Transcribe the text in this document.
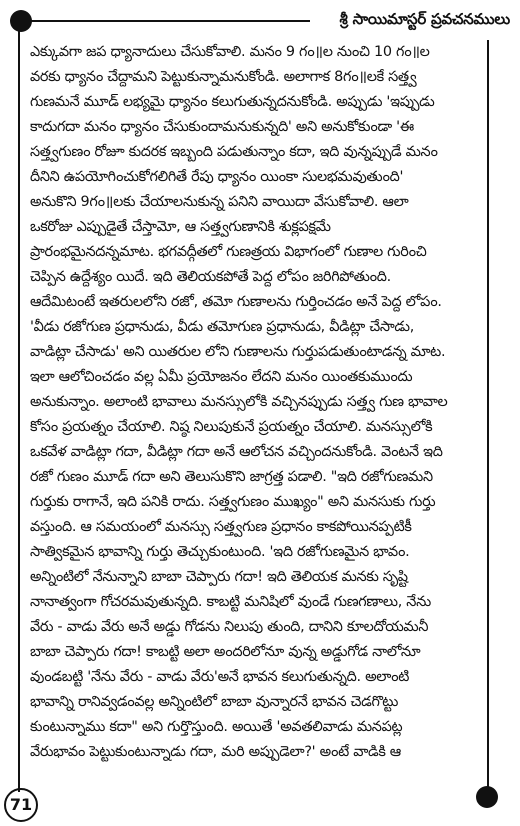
శ్రీ సాయిమాస్టర్ ప్రవచనములు
ఎక్కువగా జప ధ్యానాదులు చేసుకోవాలి. మనం 9 గం॥ల నుంచి 10 గం॥ల
వరకు ధ్యానం చేద్దామని పెట్టుకున్నామనుకోండి. అలాగాక 8గం॥లకే సత్త్వ
గుణమనే మూడ్ లభ్యమై ధ్యానం కలుగుతున్నదనుకోండి. అప్పుడు 'ఇప్పుడు
కాదుగదా మనం ధ్యానం చేసుకుందామనుకున్నది' అని అనుకోకుండా 'ఈ
సత్త్వగుణం రోజూ కుదరక ఇబ్బంది పడుతున్నాం కదా, ఇది వున్నప్పుడే మనం
దీనిని ఉపయోగించుకోగలిగితే రేపు ధ్యానం యింకా సులభమవుతుంది'
అనుకొని 9గం॥లకు చేయాలనుకున్న పనిని వాయిదా వేసుకోవాలి. ఆలా
ఒకరోజు ఎప్పుడైతే చేస్తామో, ఆ సత్త్వగుణానికి శుక్లపక్షమే
ప్రారంభమైనదన్నమాట. భగవద్గీతలో గుణత్రయ విభాగంలో గుణాల గురించి
చెప్పిన ఉద్దేశ్యం యిదే. ఇది తెలియకపోతే పెద్ద లోపం జరిగిపోతుంది.
ఆదేమిటంటే ఇతరులలోని రజో, తమో గుణాలను గుర్తించడం అనే పెద్ద లోపం.
'వీడు రజోగుణ ప్రధానుడు, వీడు తమోగుణ ప్రధానుడు, వీడిట్లా చేసాడు,
వాడిట్లా చేసాడు' అని యితరుల లోని గుణాలను గుర్తుపడుతుంటాడన్న మాట.
ఇలా ఆలోచించడం వల్ల ఏమీ ప్రయోజనం లేదని మనం యింతకుముందు
అనుకున్నాం. అలాంటి భావాలు మనస్సులోకి వచ్చినప్పుడు సత్త్వ గుణ భావాల
కోసం ప్రయత్నం చేయాలి. నిష్ఠ నిలుపుకునే ప్రయత్నం చేయాలి. మనస్సులోకి
ఒకవేళ వాడిట్లా గదా, వీడిట్లా గదా అనే ఆలోచన వచ్చిందనుకోండి. వెంటనే ఇది
రజో గుణం మూడ్ గదా అని తెలుసుకొని జాగ్రత్త పడాలి. "ఇది రజోగుణమని
గుర్తుకు రాగానే, ఇది పనికి రాదు. సత్త్వగుణం ముఖ్యం" అని మనసుకు గుర్తు
వస్తుంది. ఆ సమయంలో మనస్సు సత్త్వగుణ ప్రధానం కాకపోయినప్పటికీ
సాత్వికమైన భావాన్ని గుర్తు తెచ్చుకుంటుంది. 'ఇది రజోగుణమైన భావం.
అన్నింటిలో నేనున్నాని బాబా చెప్పారు గదా! ఇది తెలియక మనకు సృష్టి
నానాత్వంగా గోచరమవుతున్నది. కాబట్టి మనిషిలో వుండే గుణగణాలు, నేను
వేరు - వాడు వేరు అనే అడ్డు గోడను నిలుపు తుంది, దానిని కూలదోయమనీ
బాబా చెప్పారు గదా! కాబట్టి అలా అందరిలోనూ వున్న అడ్డుగోడ నాలోనూ
వుండబట్టి 'నేను వేరు - వాడు వేరు'అనే భావన కలుగుతున్నది. అలాంటి
భావాన్ని రానివ్వడంవల్ల అన్నింటిలో బాబా వున్నారనే భావన చెడగొట్టు
కుంటున్నాము కదా" అని గుర్తొస్తుంది. అయితే 'అవతలివాడు మనపట్ల
వేరుభావం పెట్టుకుంటున్నాడు గదా, మరి అప్పుడెలా?' అంటే వాడికి ఆ
71
